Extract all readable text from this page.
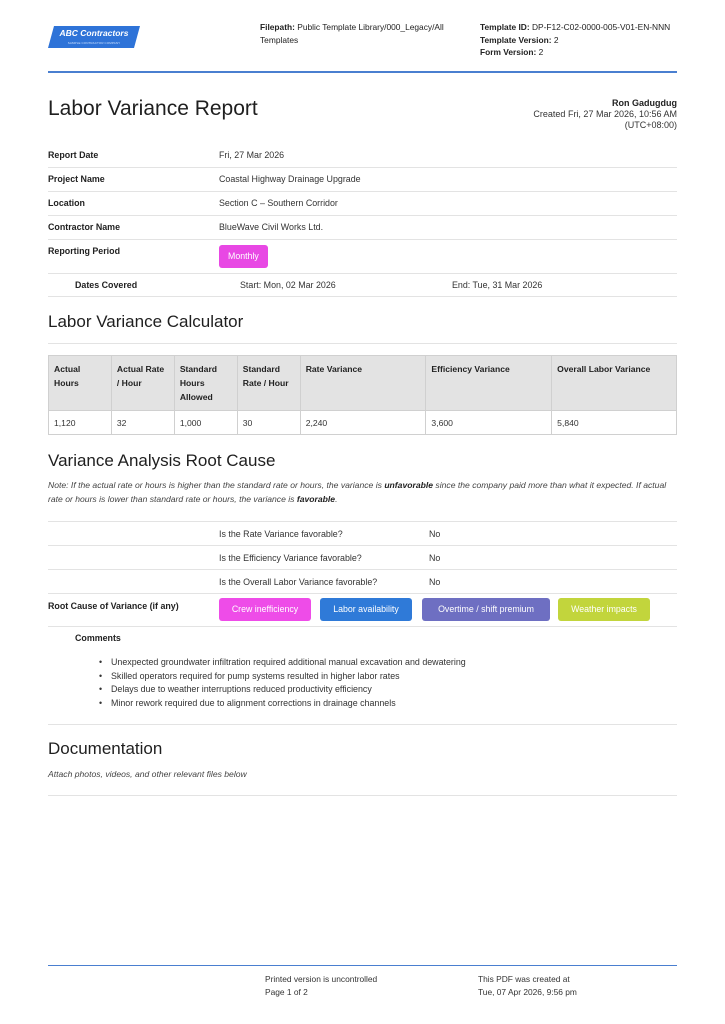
ABC Contractors
SAMPLE CONTRACTOR COMPANY
Filepath: Public Template Library/000_Legacy/All Templates
Template ID: DP-F12-C02-0000-005-V01-EN-NNN
Template Version: 2
Form Version: 2
Labor Variance Report	Ron Gadugdug
Created Fri, 27 Mar 2026, 10:56 AM
(UTC+08:00)
Report Date	Fri, 27 Mar 2026
Project Name	Coastal Highway Drainage Upgrade
Location	Section C – Southern Corridor
Contractor Name	BlueWave Civil Works Ltd.
Reporting Period	Monthly
Dates Covered	Start: Mon, 02 Mar 2026	End: Tue, 31 Mar 2026
Labor Variance Calculator
Actual Hours	Actual Rate / Hour	Standard Hours Allowed	Standard Rate / Hour	Rate Variance	Efficiency Variance	Overall Labor Variance
1,120	32	1,000	30	2,240	3,600	5,840
Variance Analysis Root Cause
Note: If the actual rate or hours is higher than the standard rate or hours, the variance is unfavorable since the company paid more than what it expected. If actual rate or hours is lower than standard rate or hours, the variance is favorable.
Is the Rate Variance favorable?	No
Is the Efficiency Variance favorable?	No
Is the Overall Labor Variance favorable?	No
Root Cause of Variance (if any)	Crew inefficiency	Labor availability	Overtime / shift premium	Weather impacts
Comments
• Unexpected groundwater infiltration required additional manual excavation and dewatering
• Skilled operators required for pump systems resulted in higher labor rates
• Delays due to weather interruptions reduced productivity efficiency
• Minor rework required due to alignment corrections in drainage channels
Documentation
Attach photos, videos, and other relevant files below
Printed version is uncontrolled
Page 1 of 2
This PDF was created at
Tue, 07 Apr 2026, 9:56 pm
